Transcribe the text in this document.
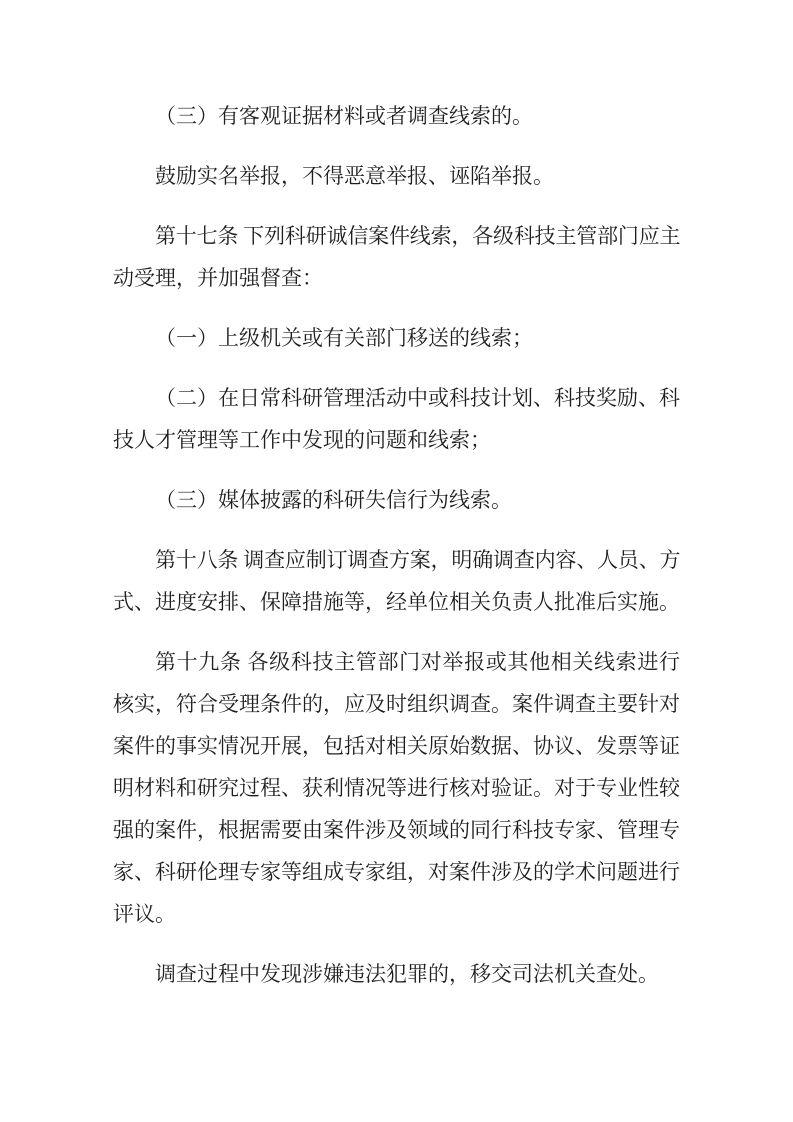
（三）有客观证据材料或者调查线索的。

鼓励实名举报，不得恶意举报、诬陷举报。

第十七条 下列科研诚信案件线索，各级科技主管部门应主
动受理，并加强督查：

（一）上级机关或有关部门移送的线索；

（二）在日常科研管理活动中或科技计划、科技奖励、科
技人才管理等工作中发现的问题和线索；

（三）媒体披露的科研失信行为线索。

第十八条 调查应制订调查方案，明确调查内容、人员、方
式、进度安排、保障措施等，经单位相关负责人批准后实施。

第十九条 各级科技主管部门对举报或其他相关线索进行
核实，符合受理条件的，应及时组织调查。案件调查主要针对
案件的事实情况开展，包括对相关原始数据、协议、发票等证
明材料和研究过程、获利情况等进行核对验证。对于专业性较
强的案件，根据需要由案件涉及领域的同行科技专家、管理专
家、科研伦理专家等组成专家组，对案件涉及的学术问题进行
评议。

调查过程中发现涉嫌违法犯罪的，移交司法机关查处。
